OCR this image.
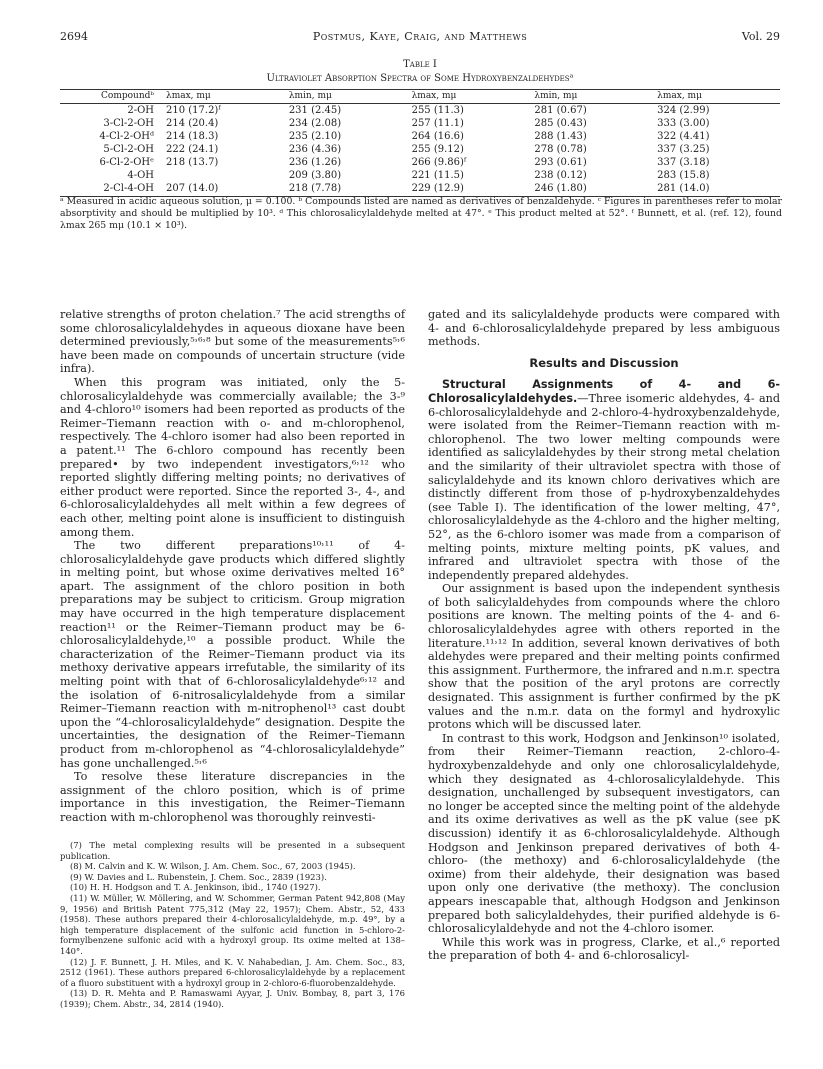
2694	Postmus, Kaye, Craig, and Matthews	Vol. 29
Table I
Ultraviolet Absorption Spectra of Some Hydroxybenzaldehydesᵃ
Compoundᵇ	λmax, mμ	λmin, mμ	λmax, mμ	λmin, mμ	λmax, mμ
2-OH	210 (17.2)ᶠ	231 (2.45)	255 (11.3)	281 (0.67)	324 (2.99)
3-Cl-2-OH	214 (20.4)	234 (2.08)	257 (11.1)	285 (0.43)	333 (3.00)
4-Cl-2-OHᵈ	214 (18.3)	235 (2.10)	264 (16.6)	288 (1.43)	322 (4.41)
5-Cl-2-OH	222 (24.1)	236 (4.36)	255 (9.12)	278 (0.78)	337 (3.25)
6-Cl-2-OHᵉ	218 (13.7)	236 (1.26)	266 (9.86)ᶠ	293 (0.61)	337 (3.18)
4-OH		209 (3.80)	221 (11.5)	238 (0.12)	283 (15.8)
2-Cl-4-OH	207 (14.0)	218 (7.78)	229 (12.9)	246 (1.80)	281 (14.0)
ᵃ Measured in acidic aqueous solution, μ = 0.100. ᵇ Compounds listed are named as derivatives of benzaldehyde. ᶜ Figures in parentheses refer to molar absorptivity and should be multiplied by 10³. ᵈ This chlorosalicylaldehyde melted at 47°. ᵉ This product melted at 52°. ᶠ Bunnett, et al. (ref. 12), found λmax 265 mμ (10.1 × 10³).

relative strengths of proton chelation.⁷ The acid strengths of some chlorosalicylaldehydes in aqueous dioxane have been determined previously,⁵˒⁶˒⁸ but some of the measurements⁵˒⁶ have been made on compounds of uncertain structure (vide infra).

When this program was initiated, only the 5-chlorosalicylaldehyde was commercially available; the 3-⁹ and 4-chloro¹⁰ isomers had been reported as products of the Reimer–Tiemann reaction with o- and m-chlorophenol, respectively. The 4-chloro isomer had also been reported in a patent.¹¹ The 6-chloro compound has recently been prepared• by two independent investigators,⁶˒¹² who reported slightly differing melting points; no derivatives of either product were reported. Since the reported 3-, 4-, and 6-chlorosalicylaldehydes all melt within a few degrees of each other, melting point alone is insufficient to distinguish among them.

The two different preparations¹⁰˒¹¹ of 4-chlorosalicylaldehyde gave products which differed slightly in melting point, but whose oxime derivatives melted 16° apart. The assignment of the chloro position in both preparations may be subject to criticism. Group migration may have occurred in the high temperature displacement reaction¹¹ or the Reimer–Tiemann product may be 6-chlorosalicylaldehyde,¹⁰ a possible product. While the characterization of the Reimer–Tiemann product via its methoxy derivative appears irrefutable, the similarity of its melting point with that of 6-chlorosalicylaldehyde⁶˒¹² and the isolation of 6-nitrosalicylaldehyde from a similar Reimer–Tiemann reaction with m-nitrophenol¹³ cast doubt upon the “4-chlorosalicylaldehyde” designation. Despite the uncertainties, the designation of the Reimer–Tiemann product from m-chlorophenol as “4-chlorosalicylaldehyde” has gone unchallenged.⁵˒⁶

To resolve these literature discrepancies in the assignment of the chloro position, which is of prime importance in this investigation, the Reimer–Tiemann reaction with m-chlorophenol was thoroughly reinvesti-

(7) The metal complexing results will be presented in a subsequent publication.
(8) M. Calvin and K. W. Wilson, J. Am. Chem. Soc., 67, 2003 (1945).
(9) W. Davies and L. Rubenstein, J. Chem. Soc., 2839 (1923).
(10) H. H. Hodgson and T. A. Jenkinson, ibid., 1740 (1927).
(11) W. Müller, W. Möllering, and W. Schommer, German Patent 942,808 (May 9, 1956) and British Patent 775,312 (May 22, 1957); Chem. Abstr., 52, 433 (1958). These authors prepared their 4-chlorosalicylaldehyde, m.p. 49°, by a high temperature displacement of the sulfonic acid function in 5-chloro-2-formylbenzene sulfonic acid with a hydroxyl group. Its oxime melted at 138–140°.
(12) J. F. Bunnett, J. H. Miles, and K. V. Nahabedian, J. Am. Chem. Soc., 83, 2512 (1961). These authors prepared 6-chlorosalicylaldehyde by a replacement of a fluoro substituent with a hydroxyl group in 2-chloro-6-fluorobenzaldehyde.
(13) D. R. Mehta and P. Ramaswami Ayyar, J. Univ. Bombay, 8, part 3, 176 (1939); Chem. Abstr., 34, 2814 (1940).

gated and its salicylaldehyde products were compared with 4- and 6-chlorosalicylaldehyde prepared by less ambiguous methods.

Results and Discussion

Structural Assignments of 4- and 6-Chlorosalicylaldehydes.—Three isomeric aldehydes, 4- and 6-chlorosalicylaldehyde and 2-chloro-4-hydroxybenzaldehyde, were isolated from the Reimer–Tiemann reaction with m-chlorophenol. The two lower melting compounds were identified as salicylaldehydes by their strong metal chelation and the similarity of their ultraviolet spectra with those of salicylaldehyde and its known chloro derivatives which are distinctly different from those of p-hydroxybenzaldehydes (see Table I). The identification of the lower melting, 47°, chlorosalicylaldehyde as the 4-chloro and the higher melting, 52°, as the 6-chloro isomer was made from a comparison of melting points, mixture melting points, pK values, and infrared and ultraviolet spectra with those of the independently prepared aldehydes.

Our assignment is based upon the independent synthesis of both salicylaldehydes from compounds where the chloro positions are known. The melting points of the 4- and 6-chlorosalicylaldehydes agree with others reported in the literature.¹¹˒¹² In addition, several known derivatives of both aldehydes were prepared and their melting points confirmed this assignment. Furthermore, the infrared and n.m.r. spectra show that the position of the aryl protons are correctly designated. This assignment is further confirmed by the pK values and the n.m.r. data on the formyl and hydroxylic protons which will be discussed later.

In contrast to this work, Hodgson and Jenkinson¹⁰ isolated, from their Reimer–Tiemann reaction, 2-chloro-4-hydroxybenzaldehyde and only one chlorosalicylaldehyde, which they designated as 4-chlorosalicylaldehyde. This designation, unchallenged by subsequent investigators, can no longer be accepted since the melting point of the aldehyde and its oxime derivatives as well as the pK value (see pK discussion) identify it as 6-chlorosalicylaldehyde. Although Hodgson and Jenkinson prepared derivatives of both 4-chloro- (the methoxy) and 6-chlorosalicylaldehyde (the oxime) from their aldehyde, their designation was based upon only one derivative (the methoxy). The conclusion appears inescapable that, although Hodgson and Jenkinson prepared both salicylaldehydes, their purified aldehyde is 6-chlorosalicylaldehyde and not the 4-chloro isomer.

While this work was in progress, Clarke, et al.,⁶ reported the preparation of both 4- and 6-chlorosalicyl-
